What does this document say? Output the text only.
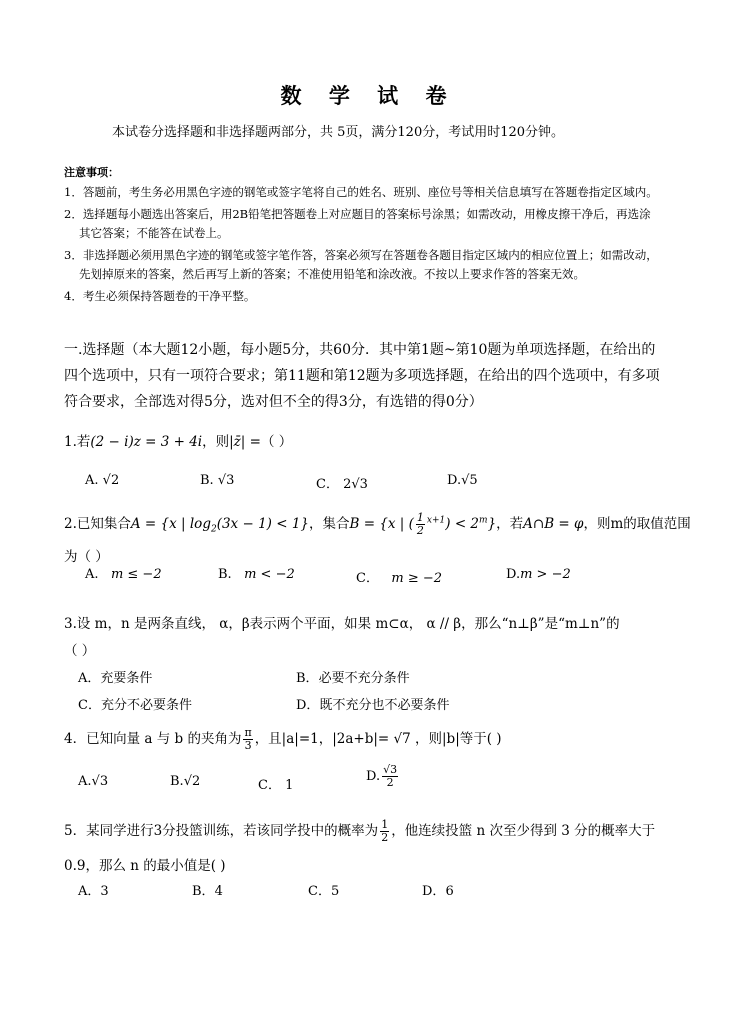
数 学 试 卷
本试卷分选择题和非选择题两部分，共 5页，满分120分，考试用时120分钟。
注意事项：
1．答题前，考生务必用黑色字迹的钢笔或签字笔将自己的姓名、班别、座位号等相关信息填写在答题卷指定区域内。
2．选择题每小题选出答案后，用2B铅笔把答题卷上对应题目的答案标号涂黑；如需改动，用橡皮擦干净后，再选涂
其它答案；不能答在试卷上。
3．非选择题必须用黑色字迹的钢笔或签字笔作答，答案必须写在答题卷各题目指定区域内的相应位置上；如需改动，
先划掉原来的答案，然后再写上新的答案；不准使用铅笔和涂改液。不按以上要求作答的答案无效。
4．考生必须保持答题卷的干净平整。
一.选择题（本大题12小题，每小题5分，共60分．其中第1题~第10题为单项选择题，在给出的
四个选项中，只有一项符合要求；第11题和第12题为多项选择题，在给出的四个选项中，有多项
符合要求，全部选对得5分，选对但不全的得3分，有选错的得0分）
1.若(2 − i)z = 3 + 4i，则|z̄| =（ ）
A. √2	B. √3	C． 2√3	D.√5
2.已知集合A = {x | $\log_2(3x - 1) < 1$}，集合B = {x | ( $\frac{1}{2} ^{x+1}) < 2^m$}，若A∩B = φ，则m的取值范围
为（ ）
A. m ≤ −2	B. m < −2	C． m ≥ −2	D.m > −2
3.设 m，n 是两条直线， α，β表示两个平面，如果 m⊂α， α // β，那么“n⊥β”是“m⊥n”的
（ ）
A．充要条件	B．必要不充分条件
C．充分不必要条件	D．既不充分也不必要条件
4．已知向量 a 与 b 的夹角为 $\frac{\pi}{3}$ ，且|a|=1，|2a+b|= √7 ，则|b|等于( )
A.√3	B.√2	C． 1
D. $\frac{√3}{2}$
5．某同学进行3分投篮训练，若该同学投中的概率为 $\frac{1}{2}$ ，他连续投篮 n 次至少得到 3 分的概率大于
0.9，那么 n 的最小值是( )
A．3	B．4	C．5	D．6
